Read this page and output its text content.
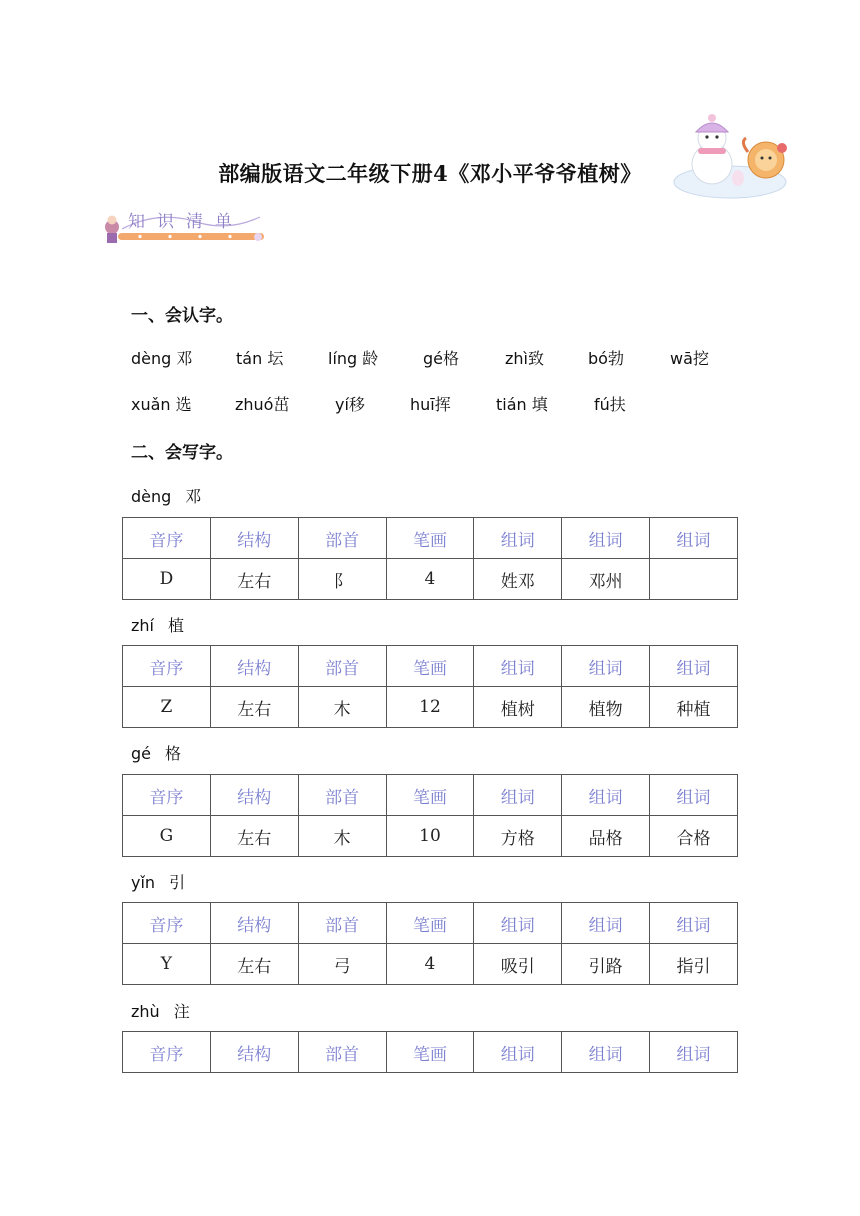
部编版语文二年级下册4《邓小平爷爷植树》
知识清单
一、会认字。
dèng 邓	tán 坛	líng 龄	gé格	zhì致	bó勃	wā挖
xuǎn 选	zhuó茁	yí移	huī挥	tián 填	fú扶
二、会写字。
dèng 邓
音序	结构	部首	笔画	组词	组词	组词
D	左右	阝	4	姓邓	邓州	
zhí 植
音序	结构	部首	笔画	组词	组词	组词
Z	左右	木	12	植树	植物	种植
gé 格
音序	结构	部首	笔画	组词	组词	组词
G	左右	木	10	方格	品格	合格
yǐn 引
音序	结构	部首	笔画	组词	组词	组词
Y	左右	弓	4	吸引	引路	指引
zhù 注
音序	结构	部首	笔画	组词	组词	组词
